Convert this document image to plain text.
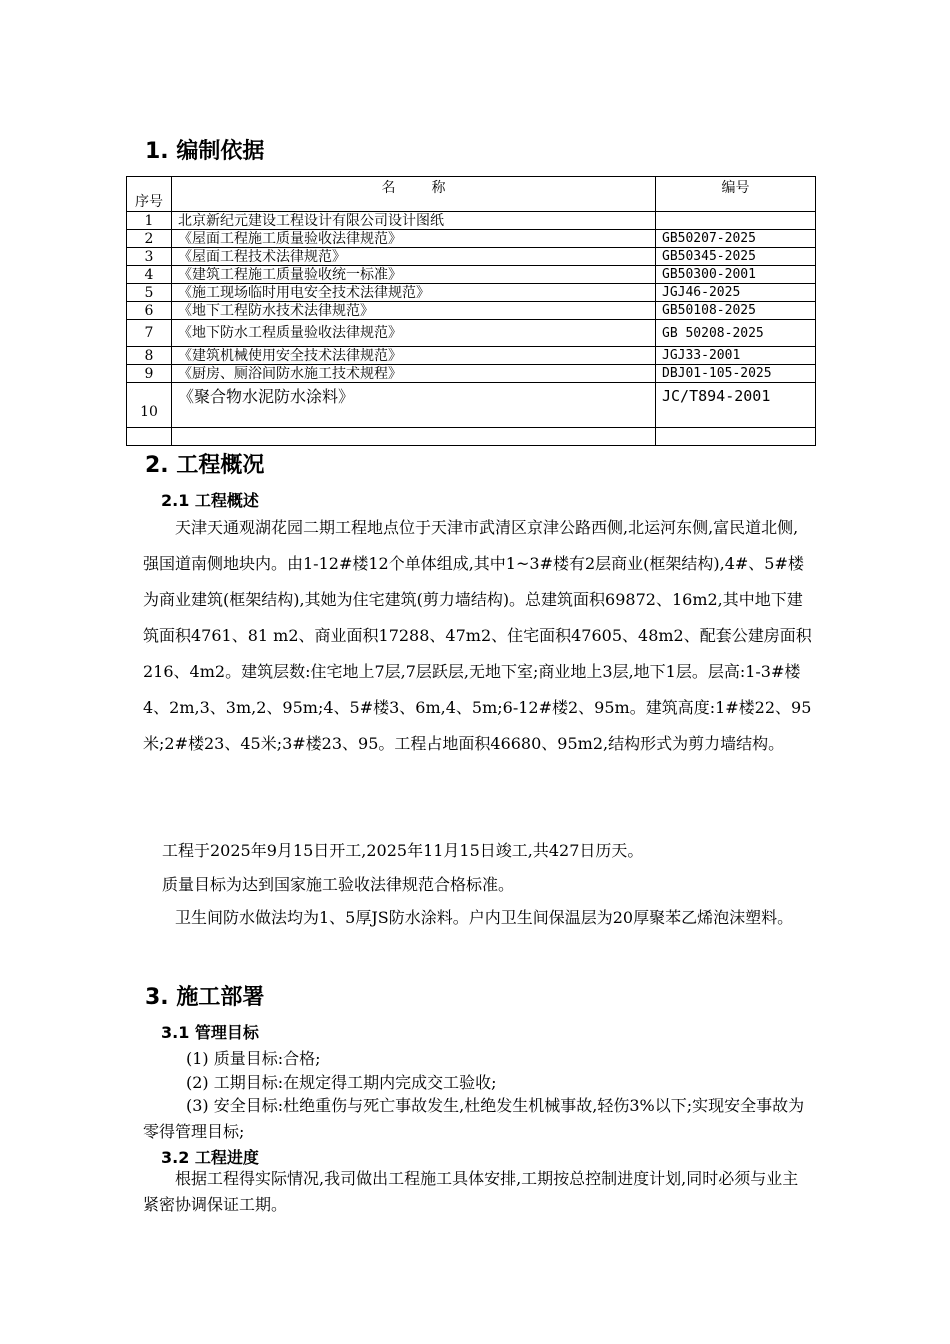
1. 编制依据
序号	名 称	编号
1	北京新纪元建设工程设计有限公司设计图纸	
2	《屋面工程施工质量验收法律规范》	GB50207-2025
3	《屋面工程技术法律规范》	GB50345-2025
4	《建筑工程施工质量验收统一标准》	GB50300-2001
5	《施工现场临时用电安全技术法律规范》	JGJ46-2025
6	《地下工程防水技术法律规范》	GB50108-2025
7	《地下防水工程质量验收法律规范》	GB 50208-2025
8	《建筑机械使用安全技术法律规范》	JGJ33-2001
9	《厨房、厕浴间防水施工技术规程》	DBJ01-105-2025
10	《聚合物水泥防水涂料》	JC/T894-2001

2. 工程概况
2.1 工程概述

天津天通观湖花园二期工程地点位于天津市武清区京津公路西侧,北运河东侧,富民道北侧,强国道南侧地块内。由1-12#楼12个单体组成,其中1~3#楼有2层商业(框架结构),4#、5#楼为商业建筑(框架结构),其她为住宅建筑(剪力墙结构)。总建筑面积69872、16m2,其中地下建筑面积4761、81 m2、商业面积17288、47m2、住宅面积47605、48m2、配套公建房面积216、4m2。建筑层数:住宅地上7层,7层跃层,无地下室;商业地上3层,地下1层。层高:1-3#楼4、2m,3、3m,2、95m;4、5#楼3、6m,4、5m;6-12#楼2、95m。建筑高度:1#楼22、95米;2#楼23、45米;3#楼23、95。工程占地面积46680、95m2,结构形式为剪力墙结构。

工程于2025年9月15日开工,2025年11月15日竣工,共427日历天。

质量目标为达到国家施工验收法律规范合格标准。

卫生间防水做法均为1、5厚JS防水涂料。户内卫生间保温层为20厚聚苯乙烯泡沫塑料。

3. 施工部署
3.1 管理目标

(1) 质量目标:合格;

(2) 工期目标:在规定得工期内完成交工验收;

(3) 安全目标:杜绝重伤与死亡事故发生,杜绝发生机械事故,轻伤3%以下;实现安全事故为零得管理目标;

3.2 工程进度

根据工程得实际情况,我司做出工程施工具体安排,工期按总控制进度计划,同时必须与业主紧密协调保证工期。
